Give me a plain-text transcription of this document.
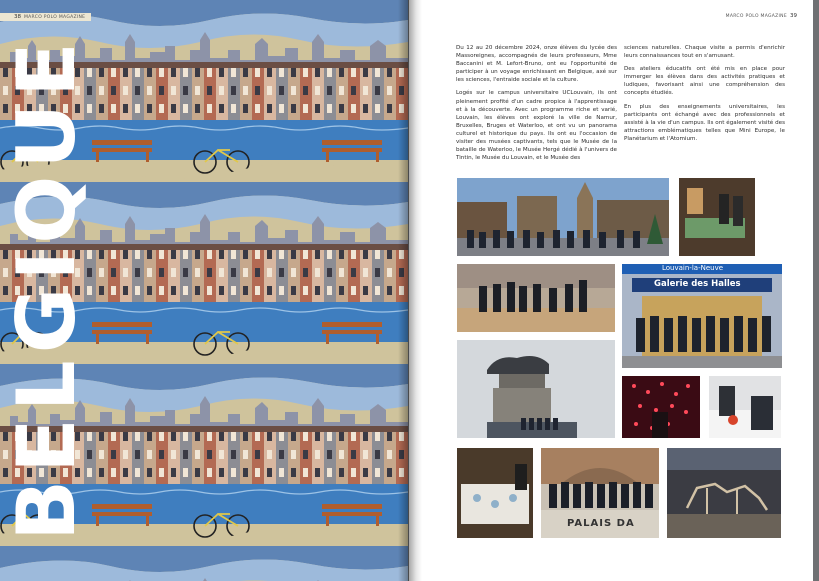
38 MARCO POLO MAGAZINE
BELGIQUE
MARCO POLO MAGAZINE 39

Du 12 au 20 décembre 2024, onze élèves du lycée des Massoreignes, accompagnés de leurs professeurs, Mme Baccanini et M. Lefort-Bruno, ont eu l'opportunité de participer à un voyage enrichissant en Belgique, axé sur les sciences, l'entraide sociale et la culture.

Logés sur le campus universitaire UCLouvain, ils ont pleinement profité d'un cadre propice à l'apprentissage et à la découverte. Avec un programme riche et varié, Louvain, les élèves ont exploré la ville de Namur, Bruxelles, Bruges et Waterloo, et ont vu un panorama culturel et historique du pays. Ils ont eu l'occasion de visiter des musées captivants, tels que le Musée de la bataille de Waterloo, le Musée Hergé dédié à l'univers de Tintin, le Musée du Louvain, et le Musée des

sciences naturelles. Chaque visite a permis d'enrichir leurs connaissances tout en s'amusant.

Des ateliers éducatifs ont été mis en place pour immerger les élèves dans des activités pratiques et ludiques, favorisant ainsi une compréhension des concepts étudiés.

En plus des enseignements universitaires, les participants ont échangé avec des professionnels et assisté à la vie d'un campus. Ils ont également visité des attractions emblématiques telles que Mini Europe, le Planétarium et l'Atomium.

Louvain-la-Neuve
Galerie des Halles
PALAIS DA
